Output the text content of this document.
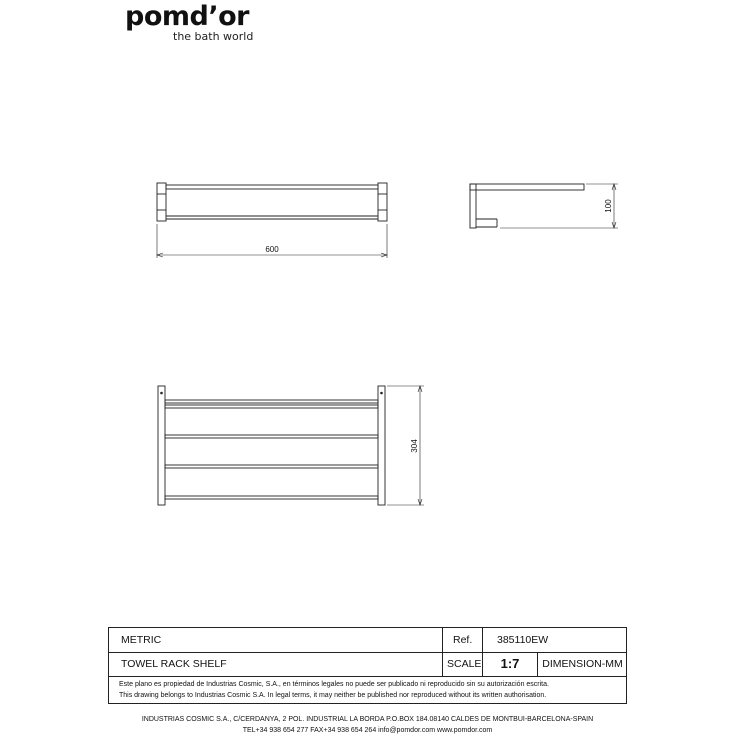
pomd’or
the bath world
600
100
304
METRIC	Ref.	385110EW
TOWEL RACK SHELF	SCALE	1:7	DIMENSION-MM
Este plano es propiedad de Industrias Cosmic, S.A., en términos legales no puede ser publicado ni reproducido sin su autorización escrita.
This drawing belongs to Industrias Cosmic S.A. In legal terms, it may neither be published nor reproduced without its written authorisation.
INDUSTRIAS COSMIC S.A., C/CERDANYA, 2 POL. INDUSTRIAL LA BORDA P.O.BOX 184.08140 CALDES DE MONTBUI-BARCELONA-SPAIN
TEL+34 938 654 277 FAX+34 938 654 264 info@pomdor.com www.pomdor.com
